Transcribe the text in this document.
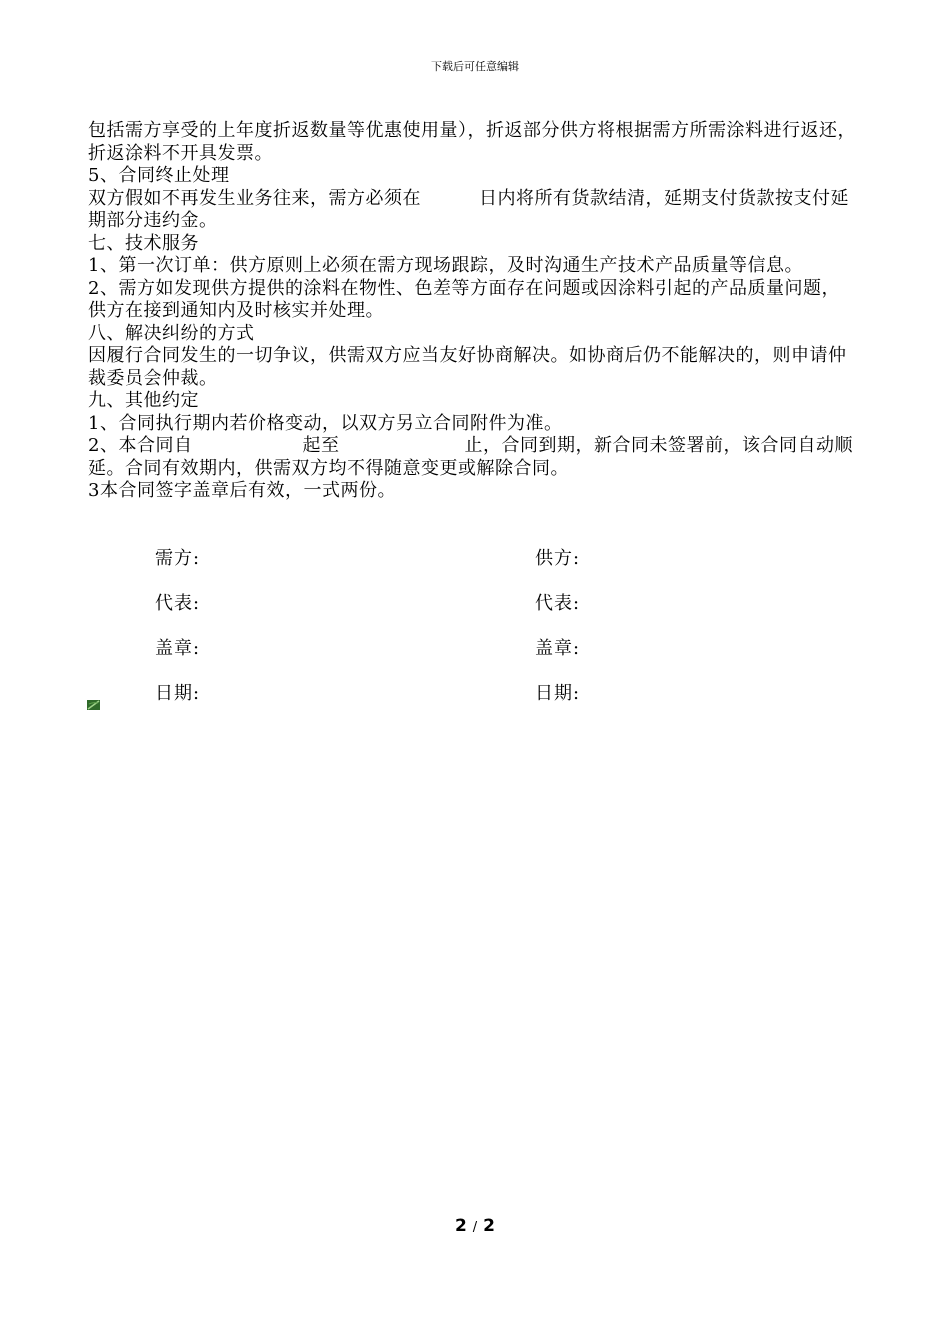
下载后可任意编辑

包括需方享受的上年度折返数量等优惠使用量），折返部分供方将根据需方所需涂料进行返还，折返涂料不开具发票。

5、合同终止处理

双方假如不再发生业务往来，需方必须在	日内将所有货款结清，延期支付货款按支付延期部分违约金。

七、技术服务

1、第一次订单：供方原则上必须在需方现场跟踪，及时沟通生产技术产品质量等信息。

2、需方如发现供方提供的涂料在物性、色差等方面存在问题或因涂料引起的产品质量问题，供方在接到通知内及时核实并处理。

八、解决纠纷的方式

因履行合同发生的一切争议，供需双方应当友好协商解决。如协商后仍不能解决的，则申请仲裁委员会仲裁。

九、其他约定

1、合同执行期内若价格变动，以双方另立合同附件为准。

2、本合同自	起至	止，合同到期，新合同未签署前，该合同自动顺延。合同有效期内，供需双方均不得随意变更或解除合同。

3本合同签字盖章后有效，一式两份。

需方:	供方:
代表:	代表:
盖章:	盖章:
日期:	日期:
2 / 2
